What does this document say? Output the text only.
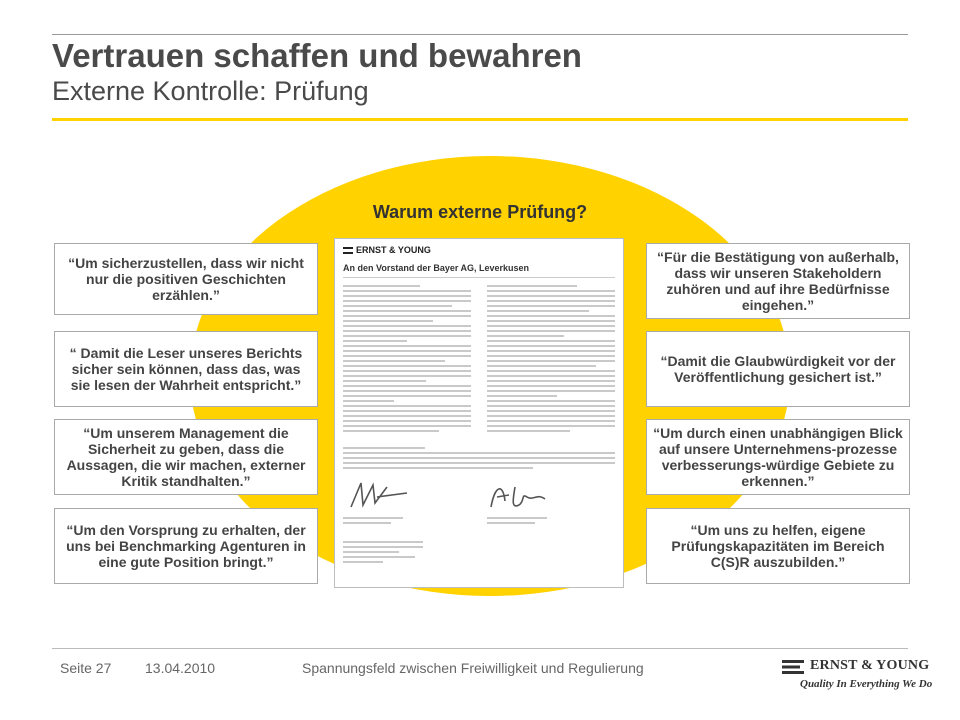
Vertrauen schaffen und bewahren
Externe Kontrolle: Prüfung
Warum externe Prüfung?
“Um sicherzustellen, dass wir nicht nur die positiven Geschichten erzählen.”
“ Damit die Leser unseres Berichts sicher sein können, dass das, was sie lesen der Wahrheit entspricht.”
“Um unserem Management die Sicherheit zu geben, dass die Aussagen, die wir machen, externer Kritik standhalten.”
“Um den Vorsprung zu erhalten, der uns bei Benchmarking Agenturen in eine gute Position bringt.”
“Für die Bestätigung von außerhalb, dass wir unseren Stakeholdern zuhören und auf ihre Bedürfnisse eingehen.”
“Damit die Glaubwürdigkeit vor der Veröffentlichung gesichert ist.”
“Um durch einen unabhängigen Blick auf unsere Unternehmens-prozesse verbesserungs-würdige Gebiete zu erkennen.”
“Um uns zu helfen, eigene Prüfungskapazitäten im Bereich C(S)R auszubilden.”
ERNST & YOUNG
An den Vorstand der Bayer AG, Leverkusen
Seite 27 13.04.2010	Spannungsfeld zwischen Freiwilligkeit und Regulierung	ERNST & YOUNG
Quality In Everything We Do
